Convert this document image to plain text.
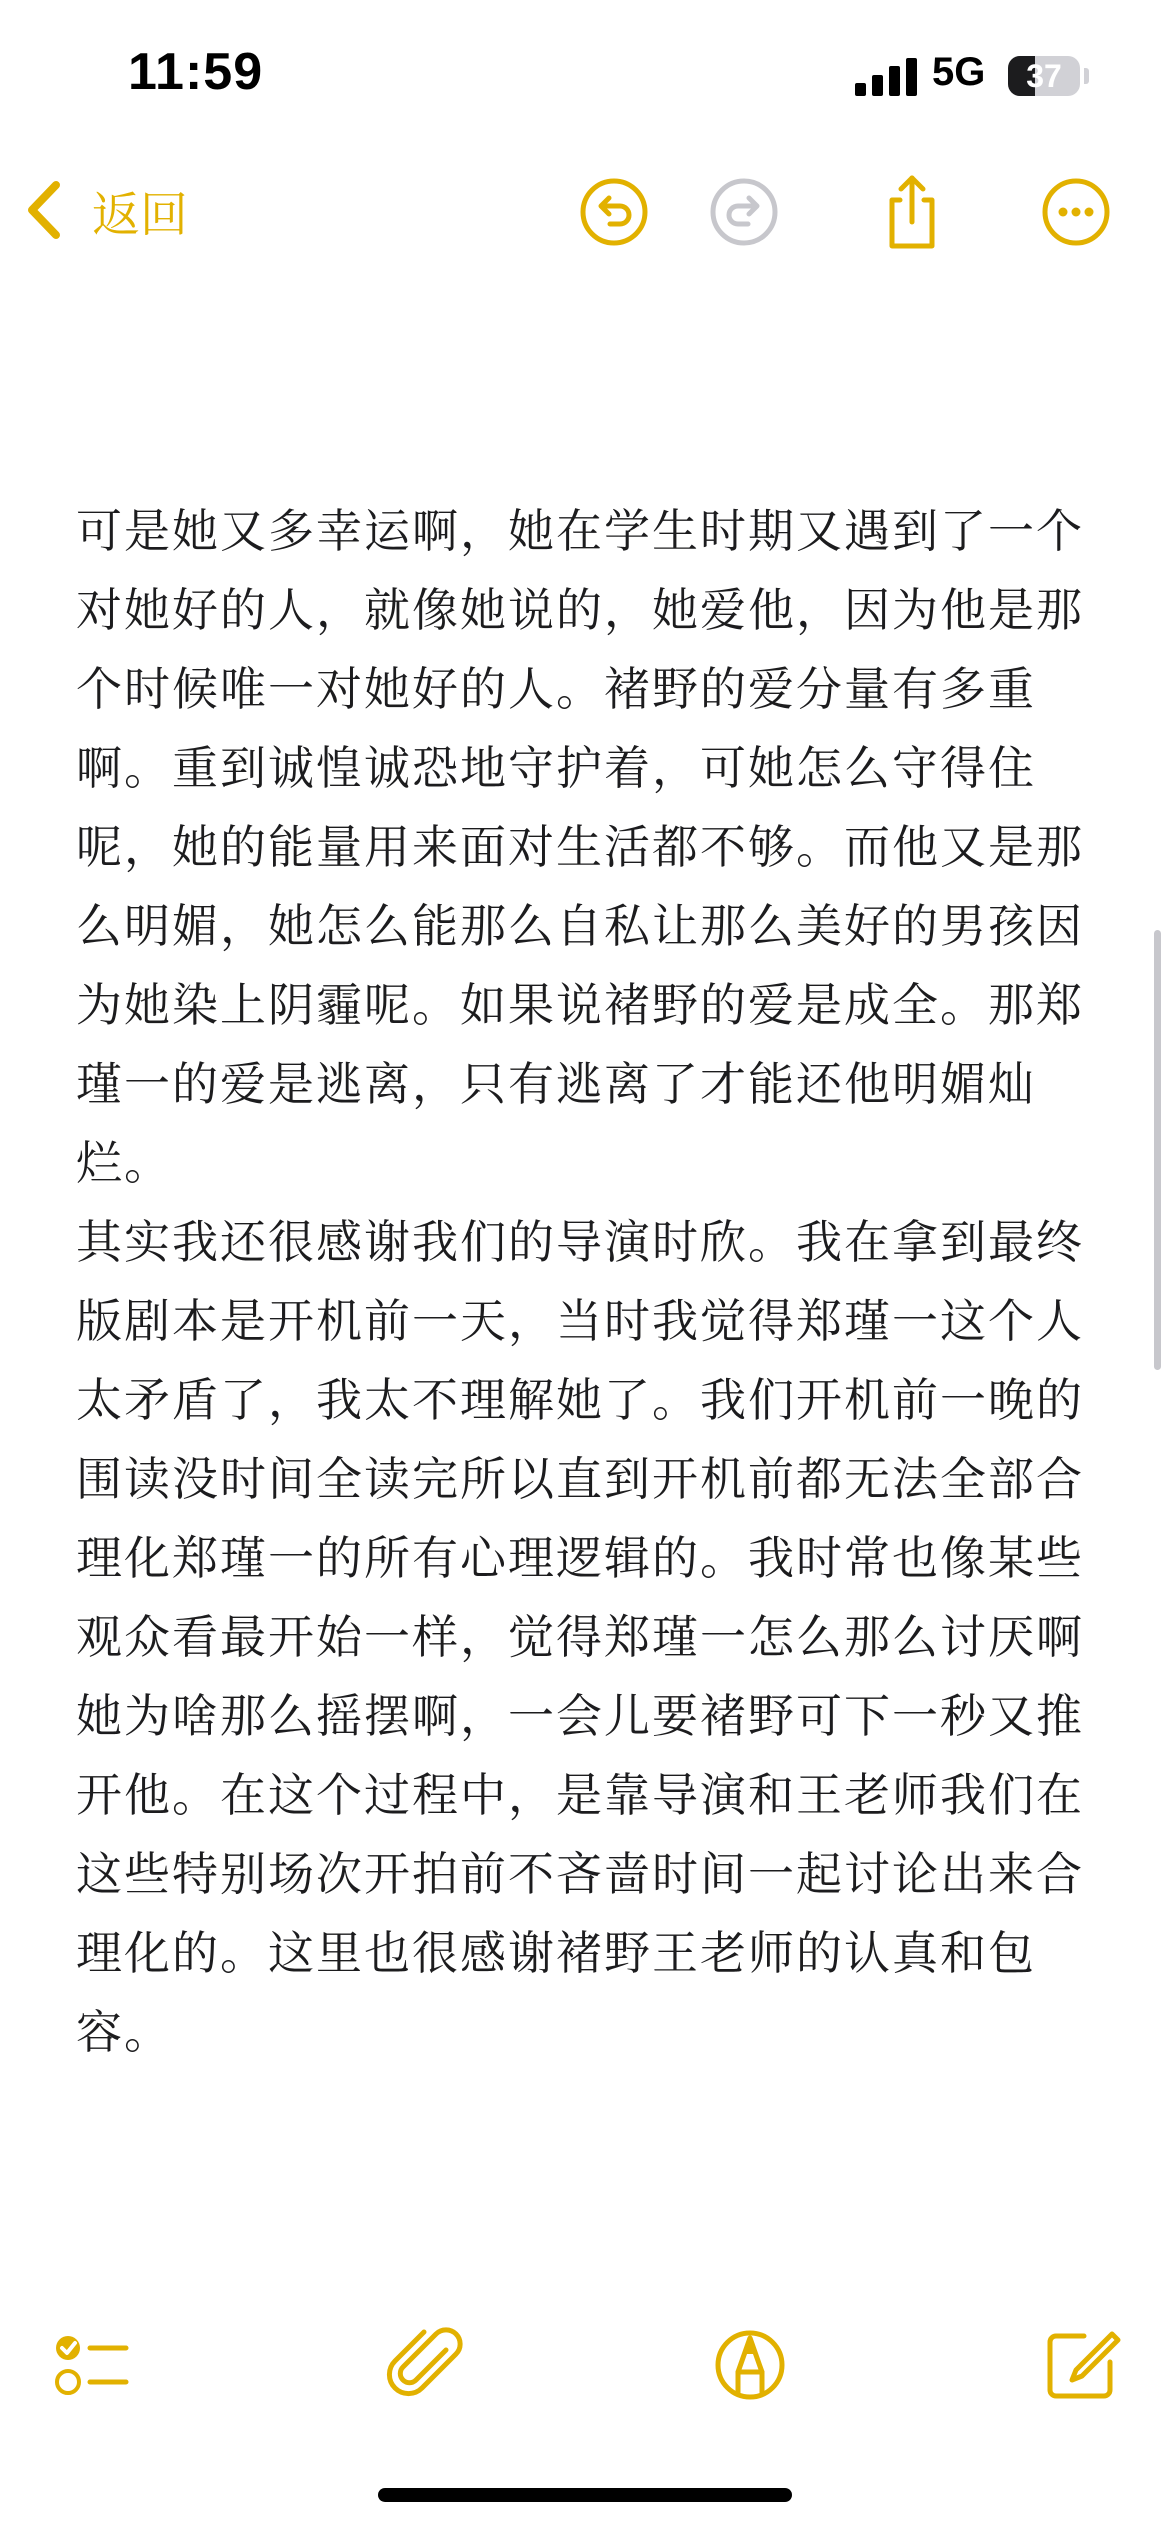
11:59	5G	37
返回

可是她又多幸运啊，她在学生时期又遇到了一个对她好的人，就像她说的，她爱他，因为他是那个时候唯一对她好的人。褚野的爱分量有多重啊。重到诚惶诚恐地守护着，可她怎么守得住呢，她的能量用来面对生活都不够。而他又是那么明媚，她怎么能那么自私让那么美好的男孩因为她染上阴霾呢。如果说褚野的爱是成全。那郑瑾一的爱是逃离，只有逃离了才能还他明媚灿烂。

其实我还很感谢我们的导演时欣。我在拿到最终版剧本是开机前一天，当时我觉得郑瑾一这个人太矛盾了，我太不理解她了。我们开机前一晚的围读没时间全读完所以直到开机前都无法全部合理化郑瑾一的所有心理逻辑的。我时常也像某些观众看最开始一样，觉得郑瑾一怎么那么讨厌啊她为啥那么摇摆啊，一会儿要褚野可下一秒又推开他。在这个过程中，是靠导演和王老师我们在这些特别场次开拍前不吝啬时间一起讨论出来合理化的。这里也很感谢褚野王老师的认真和包容。
